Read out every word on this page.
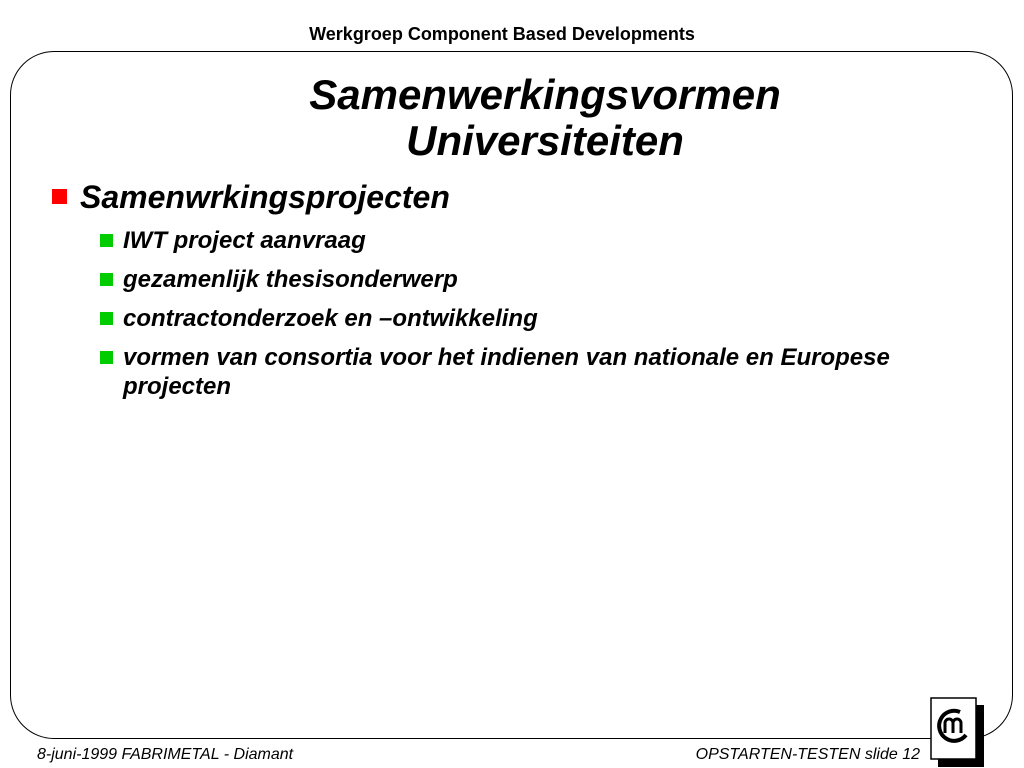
Werkgroep Component Based Developments
Samenwerkingsvormen
Universiteiten
Samenwrkingsprojecten
IWT project aanvraag
gezamenlijk thesisonderwerp
contractonderzoek en –ontwikkeling
vormen van consortia voor het indienen van nationale en Europese projecten
8-juni-1999 FABRIMETAL - Diamant	OPSTARTEN-TESTEN slide 12
